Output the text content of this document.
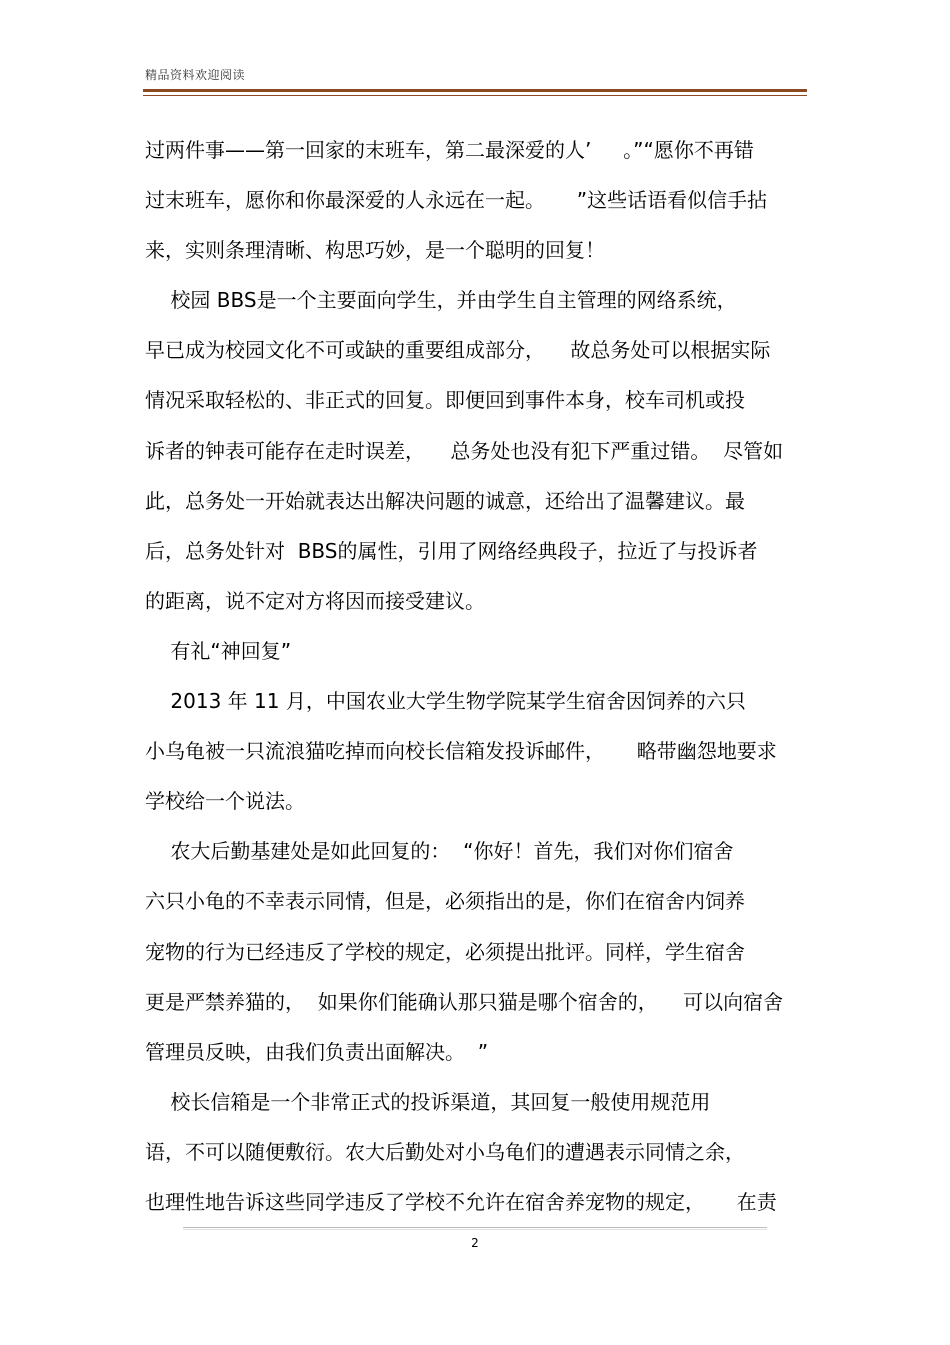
精品资料欢迎阅读
过两件事——第一回家的末班车，第二最深爱的人’     。”“愿你不再错
过末班车，愿你和你最深爱的人永远在一起。     ”这些话语看似信手拈
来，实则条理清晰、构思巧妙，是一个聪明的回复！
校园 BBS是一个主要面向学生，并由学生自主管理的网络系统，
早已成为校园文化不可或缺的重要组成部分，    故总务处可以根据实际
情况采取轻松的、非正式的回复。即便回到事件本身，校车司机或投
诉者的钟表可能存在走时误差，    总务处也没有犯下严重过错。  尽管如
此，总务处一开始就表达出解决问题的诚意，还给出了温馨建议。最
后，总务处针对  BBS的属性，引用了网络经典段子，拉近了与投诉者
的距离，说不定对方将因而接受建议。
有礼“神回复”
2013 年 11 月，中国农业大学生物学院某学生宿舍因饲养的六只
小乌龟被一只流浪猫吃掉而向校长信箱发投诉邮件，     略带幽怨地要求
学校给一个说法。
农大后勤基建处是如此回复的：  “你好！首先，我们对你们宿舍
六只小龟的不幸表示同情，但是，必须指出的是，你们在宿舍内饲养
宠物的行为已经违反了学校的规定，必须提出批评。同样，学生宿舍
更是严禁养猫的，  如果你们能确认那只猫是哪个宿舍的，    可以向宿舍
管理员反映，由我们负责出面解决。  ”
校长信箱是一个非常正式的投诉渠道，其回复一般使用规范用
语，不可以随便敷衍。农大后勤处对小乌龟们的遭遇表示同情之余，
也理性地告诉这些同学违反了学校不允许在宿舍养宠物的规定，     在责
2
